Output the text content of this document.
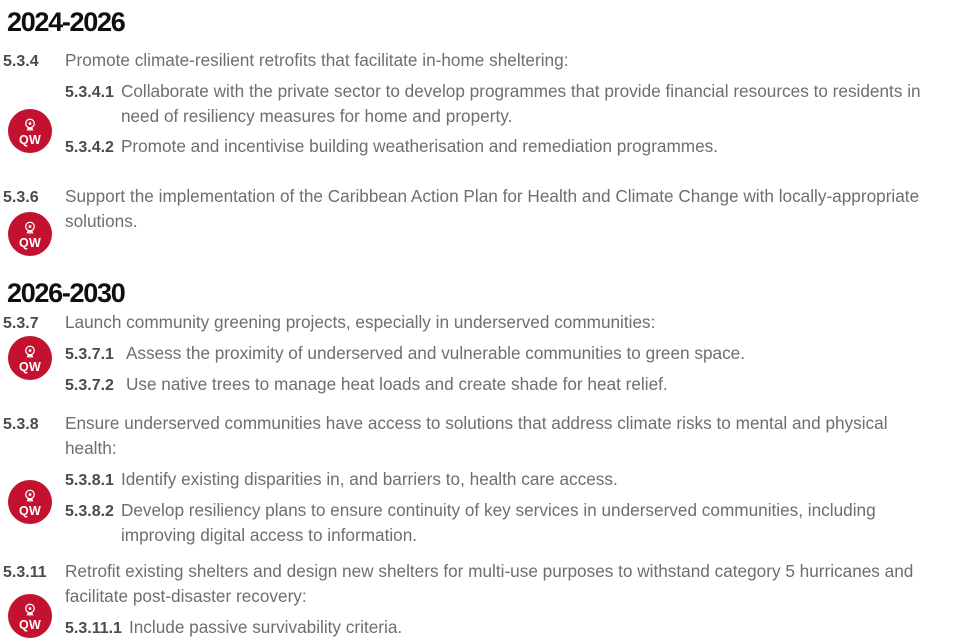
2024-2026
5.3.4	Promote climate-resilient retrofits that facilitate in-home sheltering:
5.3.4.1 Collaborate with the private sector to develop programmes that provide financial resources to residents in need of resiliency measures for home and property.
5.3.4.2 Promote and incentivise building weatherisation and remediation programmes.
QW
5.3.6	Support the implementation of the Caribbean Action Plan for Health and Climate Change with locally-appropriate solutions.
QW
2026-2030
5.3.7	Launch community greening projects, especially in underserved communities:
5.3.7.1 Assess the proximity of underserved and vulnerable communities to green space.
5.3.7.2 Use native trees to manage heat loads and create shade for heat relief.
QW
5.3.8	Ensure underserved communities have access to solutions that address climate risks to mental and physical health:
5.3.8.1 Identify existing disparities in, and barriers to, health care access.
5.3.8.2 Develop resiliency plans to ensure continuity of key services in underserved communities, including improving digital access to information.
QW
5.3.11	Retrofit existing shelters and design new shelters for multi-use purposes to withstand category 5 hurricanes and facilitate post-disaster recovery:
5.3.11.1 Include passive survivability criteria.
QW
